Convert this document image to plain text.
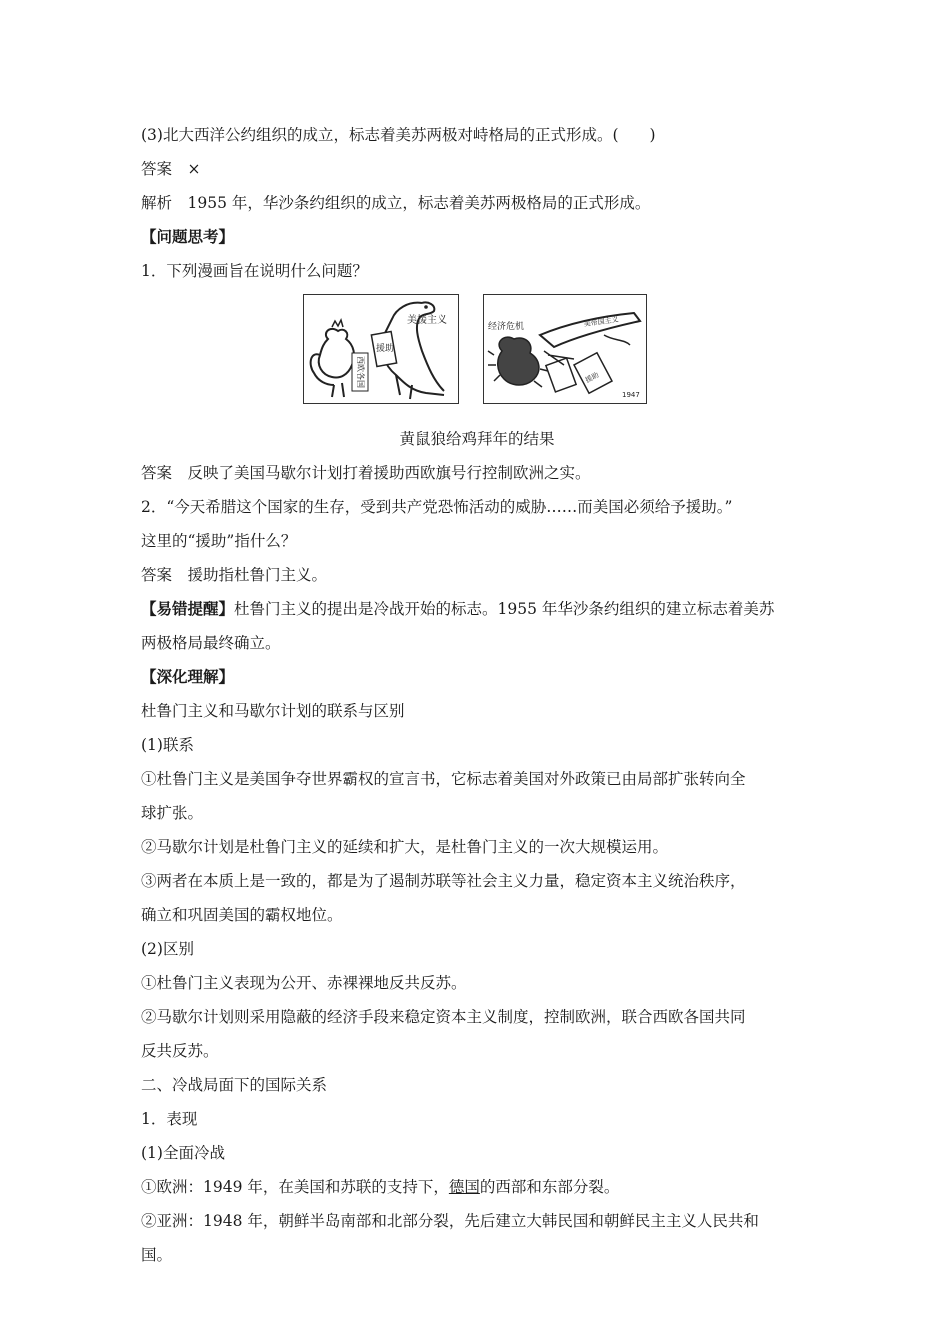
(3)北大西洋公约组织的成立，标志着美苏两极对峙格局的正式形成。(　　)
答案　×
解析　1955 年，华沙条约组织的成立，标志着美苏两极格局的正式形成。
【问题思考】
1．下列漫画旨在说明什么问题？
美援主义
援助
西欧各国
经济危机	美帝国主义
援助
1947
黄鼠狼给鸡拜年的结果
答案　反映了美国马歇尔计划打着援助西欧旗号行控制欧洲之实。
2．“今天希腊这个国家的生存，受到共产党恐怖活动的威胁……而美国必须给予援助。”
这里的“援助”指什么？
答案　援助指杜鲁门主义。
【易错提醒】杜鲁门主义的提出是冷战开始的标志。1955 年华沙条约组织的建立标志着美苏
两极格局最终确立。
【深化理解】
杜鲁门主义和马歇尔计划的联系与区别
(1)联系
①杜鲁门主义是美国争夺世界霸权的宣言书，它标志着美国对外政策已由局部扩张转向全
球扩张。
②马歇尔计划是杜鲁门主义的延续和扩大，是杜鲁门主义的一次大规模运用。
③两者在本质上是一致的，都是为了遏制苏联等社会主义力量，稳定资本主义统治秩序，
确立和巩固美国的霸权地位。
(2)区别
①杜鲁门主义表现为公开、赤裸裸地反共反苏。
②马歇尔计划则采用隐蔽的经济手段来稳定资本主义制度，控制欧洲，联合西欧各国共同
反共反苏。
二、冷战局面下的国际关系
1．表现
(1)全面冷战
①欧洲：1949 年，在美国和苏联的支持下，德国的西部和东部分裂。
②亚洲：1948 年，朝鲜半岛南部和北部分裂，先后建立大韩民国和朝鲜民主主义人民共和
国。
